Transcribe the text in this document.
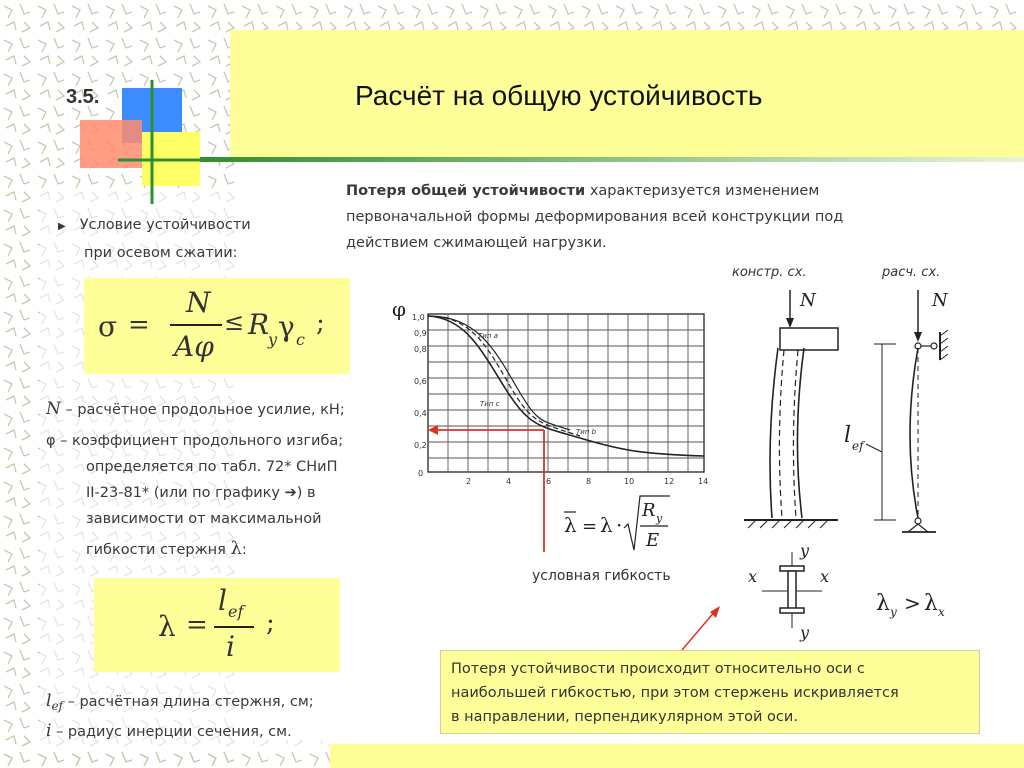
3.5.	Расчёт на общую устойчивость
Потеря общей устойчивости характеризуется изменением
первоначальной формы деформирования всей конструкции под
действием сжимающей нагрузки.
▶ Условие устойчивости
при осевом сжатии:
σ =
N
Aφ
≤ R
y γ c
;
N – расчётное продольное усилие, кН;
φ – коэффициент продольного изгиба;
определяется по табл. 72* СНиП
II-23-81* (или по графику ➔) в
зависимости от максимальной
гибкости стержня λ:
λ =
l ef
i
;
$l_{ef}$ – расчётная длина стержня, см;
i – радиус инерции сечения, см.
φ 1,0
0,9
0,8
0,6
0,4
0,2
0
2	4	6	8	10	12	14
Тип a
Тип c
Тип b
λ = λ ·
R y
E
условная гибкость
констр. сх.	расч. сх.
N	N
l ef
x	x
y
y
λ y > λ x
Потеря устойчивости происходит относительно оси с
наибольшей гибкостью, при этом стержень искривляется
в направлении, перпендикулярном этой оси.
